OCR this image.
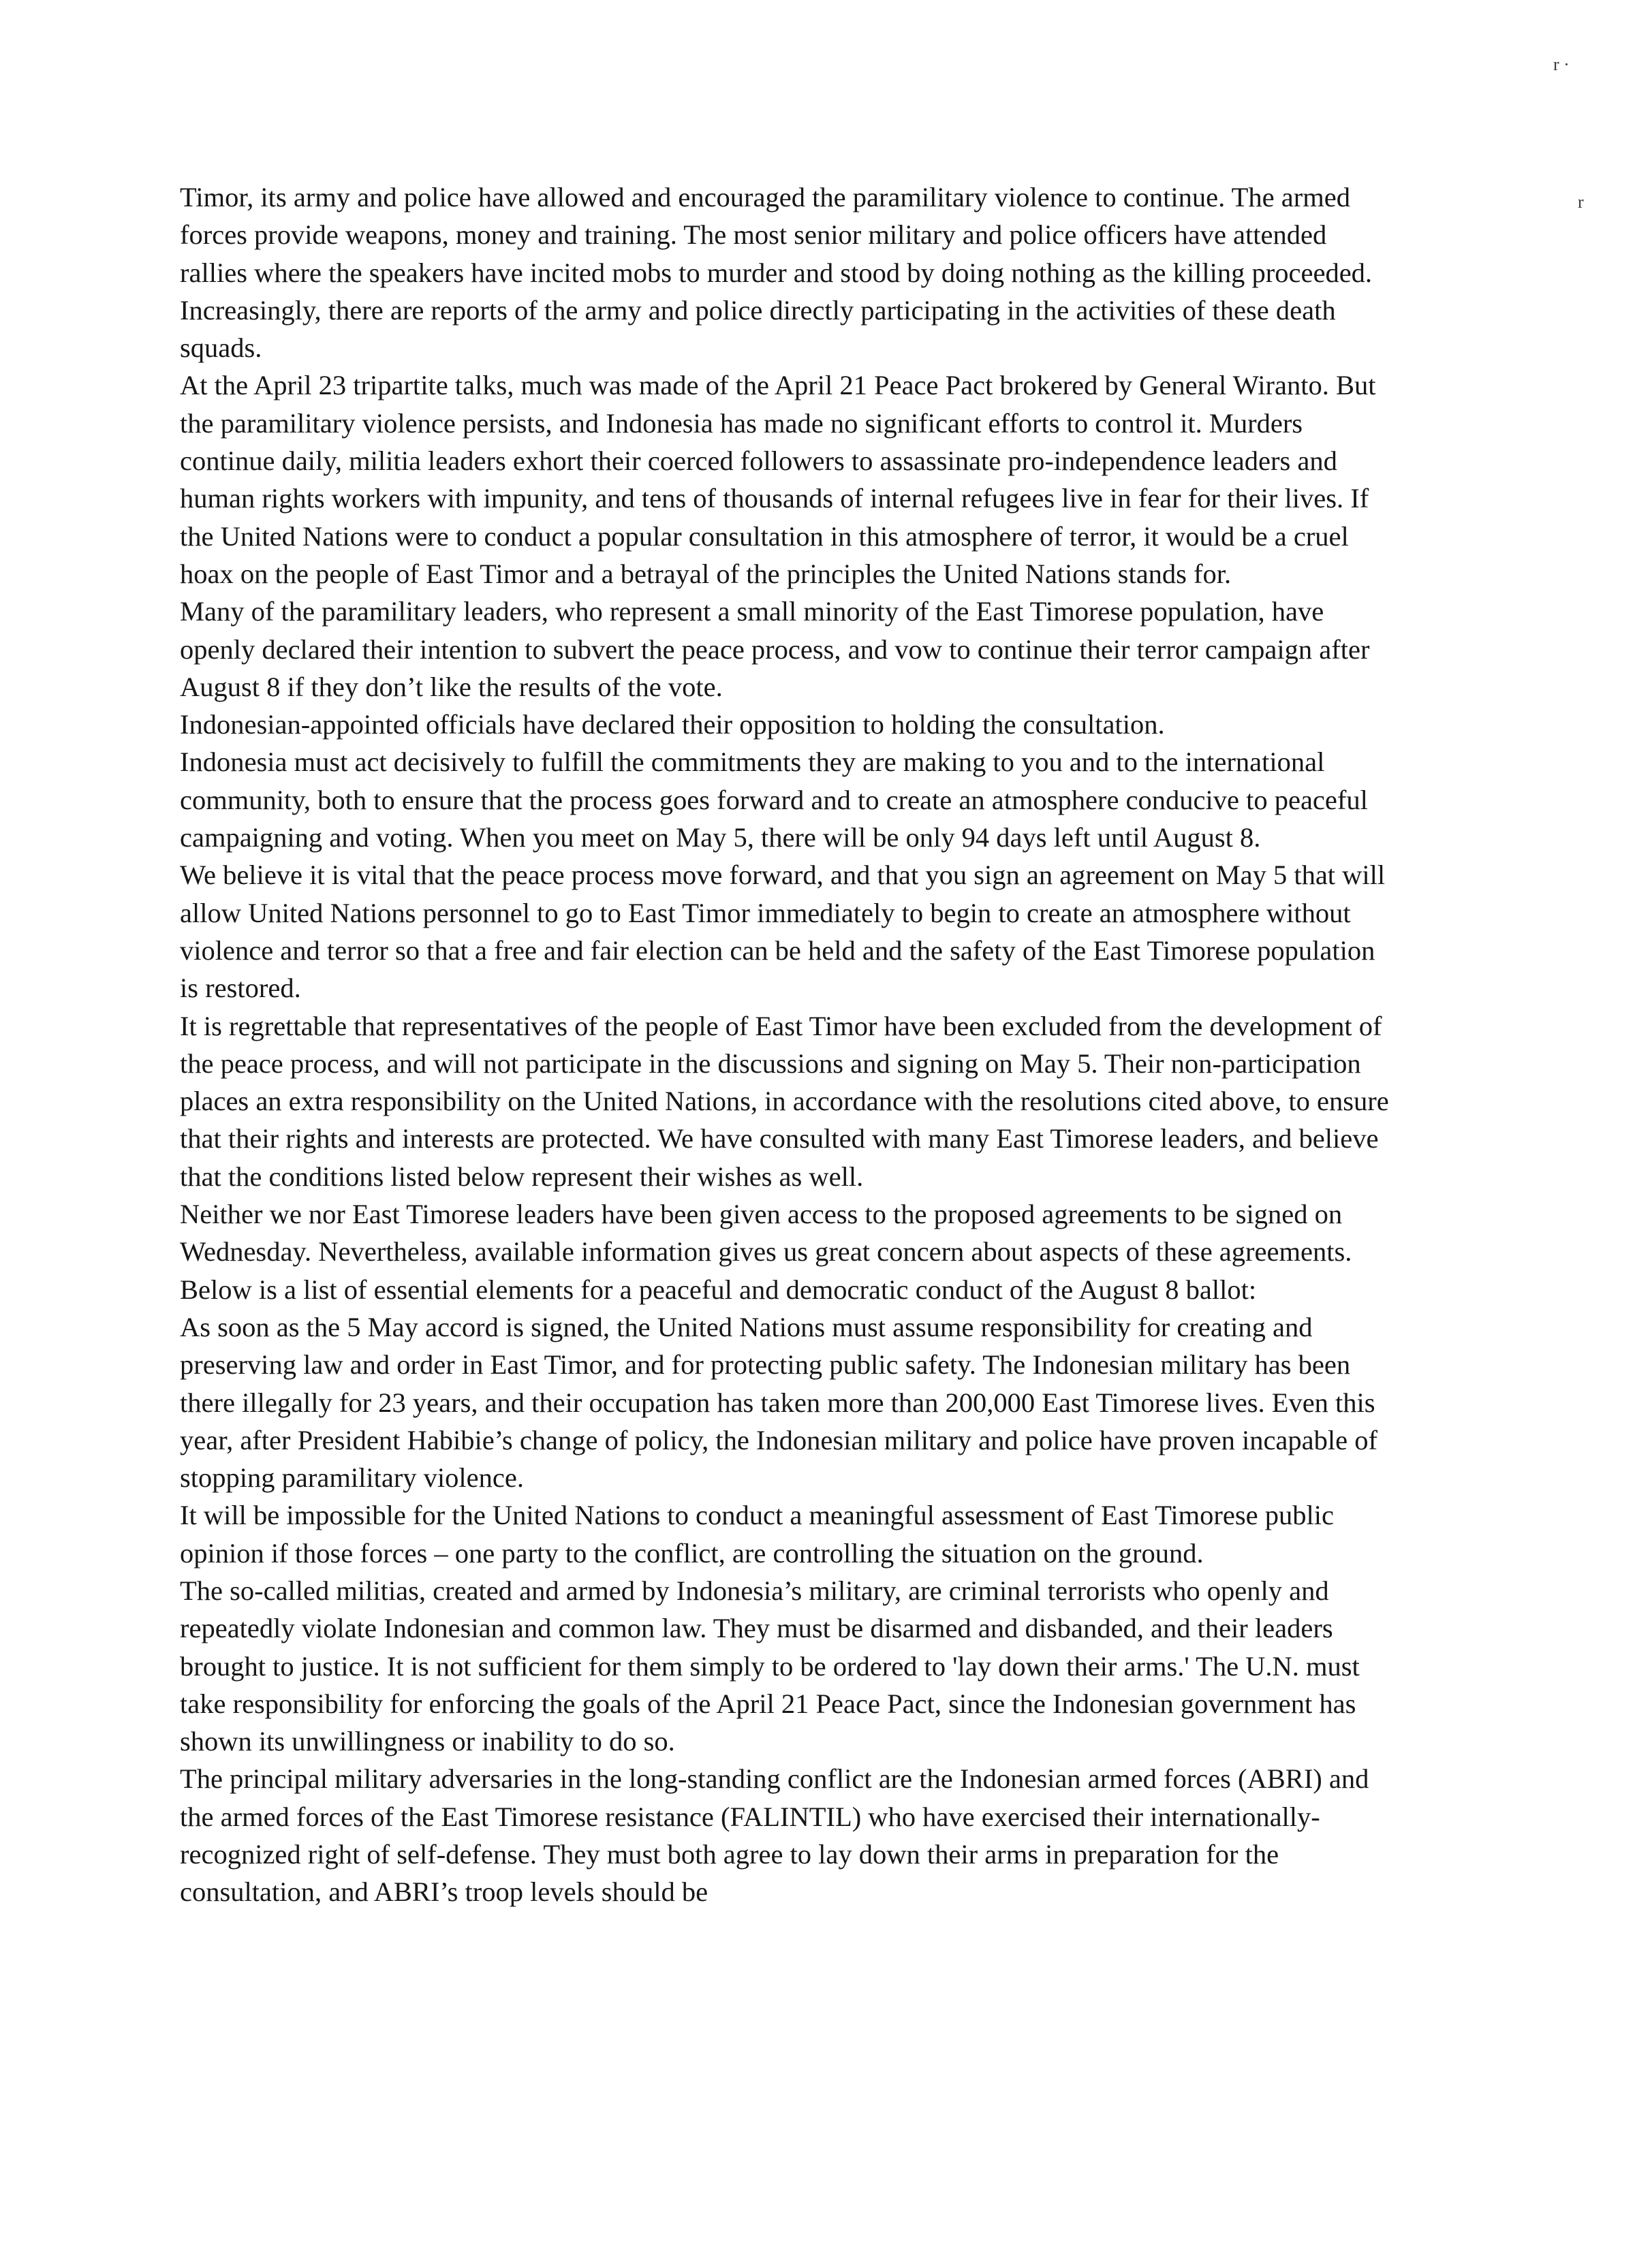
r ·
r

Timor, its army and police have allowed and encouraged the paramilitary violence to continue. The armed forces provide weapons, money and training. The most senior military and police officers have attended rallies where the speakers have incited mobs to murder and stood by doing nothing as the killing proceeded. Increasingly, there are reports of the army and police directly participating in the activities of these death squads.

At the April 23 tripartite talks, much was made of the April 21 Peace Pact brokered by General Wiranto. But the paramilitary violence persists, and Indonesia has made no significant efforts to control it. Murders continue daily, militia leaders exhort their coerced followers to assassinate pro-independence leaders and human rights workers with impunity, and tens of thousands of internal refugees live in fear for their lives. If the United Nations were to conduct a popular consultation in this atmosphere of terror, it would be a cruel hoax on the people of East Timor and a betrayal of the principles the United Nations stands for.

Many of the paramilitary leaders, who represent a small minority of the East Timorese population, have openly declared their intention to subvert the peace process, and vow to continue their terror campaign after August 8 if they don’t like the results of the vote.

Indonesian-appointed officials have declared their opposition to holding the consultation.

Indonesia must act decisively to fulfill the commitments they are making to you and to the international community, both to ensure that the process goes forward and to create an atmosphere conducive to peaceful campaigning and voting. When you meet on May 5, there will be only 94 days left until August 8.

We believe it is vital that the peace process move forward, and that you sign an agreement on May 5 that will allow United Nations personnel to go to East Timor immediately to begin to create an atmosphere without violence and terror so that a free and fair election can be held and the safety of the East Timorese population is restored.

It is regrettable that representatives of the people of East Timor have been excluded from the development of the peace process, and will not participate in the discussions and signing on May 5. Their non-participation places an extra responsibility on the United Nations, in accordance with the resolutions cited above, to ensure that their rights and interests are protected. We have consulted with many East Timorese leaders, and believe that the conditions listed below represent their wishes as well.

Neither we nor East Timorese leaders have been given access to the proposed agreements to be signed on Wednesday. Nevertheless, available information gives us great concern about aspects of these agreements. Below is a list of essential elements for a peaceful and democratic conduct of the August 8 ballot:

As soon as the 5 May accord is signed, the United Nations must assume responsibility for creating and preserving law and order in East Timor, and for protecting public safety. The Indonesian military has been there illegally for 23 years, and their occupation has taken more than 200,000 East Timorese lives. Even this year, after President Habibie’s change of policy, the Indonesian military and police have proven incapable of stopping paramilitary violence.

It will be impossible for the United Nations to conduct a meaningful assessment of East Timorese public opinion if those forces – one party to the conflict, are controlling the situation on the ground.

The so-called militias, created and armed by Indonesia’s military, are criminal terrorists who openly and repeatedly violate Indonesian and common law. They must be disarmed and disbanded, and their leaders brought to justice. It is not sufficient for them simply to be ordered to 'lay down their arms.' The U.N. must take responsibility for enforcing the goals of the April 21 Peace Pact, since the Indonesian government has shown its unwillingness or inability to do so.

The principal military adversaries in the long-standing conflict are the Indonesian armed forces (ABRI) and the armed forces of the East Timorese resistance (FALINTIL) who have exercised their internationally-recognized right of self-defense. They must both agree to lay down their arms in preparation for the consultation, and ABRI’s troop levels should be
